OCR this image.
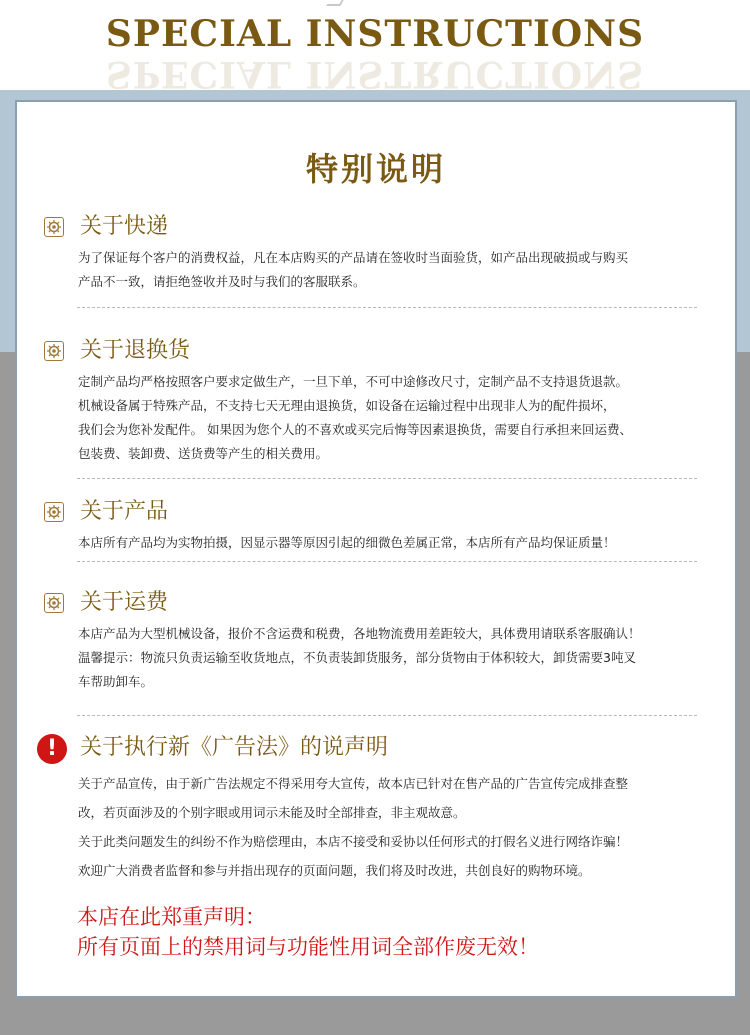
SPECIAL INSTRUCTIONS
SPECIAL INSTRUCTIONS
特别说明
关于快递

为了保证每个客户的消费权益，凡在本店购买的产品请在签收时当面验货，如产品出现破损或与购买

产品不一致，请拒绝签收并及时与我们的客服联系。

关于退换货

定制产品均严格按照客户要求定做生产，一旦下单，不可中途修改尺寸，定制产品不支持退货退款。

机械设备属于特殊产品，不支持七天无理由退换货，如设备在运输过程中出现非人为的配件损坏，

我们会为您补发配件。 如果因为您个人的不喜欢或买完后悔等因素退换货，需要自行承担来回运费、

包装费、装卸费、送货费等产生的相关费用。

关于产品

本店所有产品均为实物拍摄，因显示器等原因引起的细微色差属正常，本店所有产品均保证质量！

关于运费

本店产品为大型机械设备，报价不含运费和税费，各地物流费用差距较大，具体费用请联系客服确认！

温馨提示：物流只负责运输至收货地点，不负责装卸货服务，部分货物由于体积较大，卸货需要3吨叉

车帮助卸车。

!	关于执行新《广告法》的说声明

关于产品宣传，由于新广告法规定不得采用夸大宣传，故本店已针对在售产品的广告宣传完成排查整

改，若页面涉及的个别字眼或用词示未能及时全部排查，非主观故意。

关于此类问题发生的纠纷不作为赔偿理由，本店不接受和妥协以任何形式的打假名义进行网络诈骗！

欢迎广大消费者监督和参与并指出现存的页面问题，我们将及时改进，共创良好的购物环境。

本店在此郑重声明：

所有页面上的禁用词与功能性用词全部作废无效！
